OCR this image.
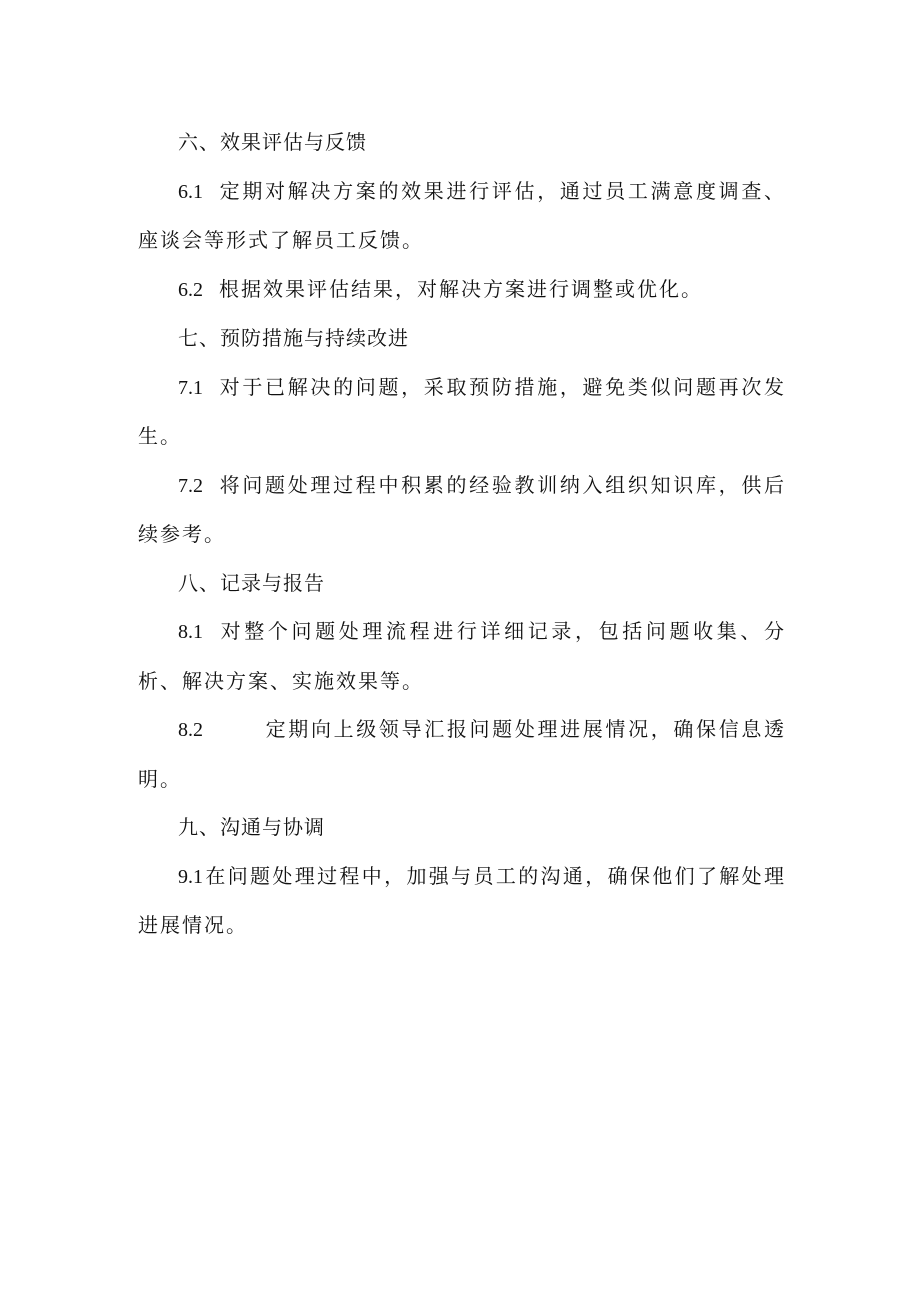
六、效果评估与反馈

6.1 定期对解决方案的效果进行评估，通过员工满意度调查、座谈会等形式了解员工反馈。

6.2 根据效果评估结果，对解决方案进行调整或优化。

七、预防措施与持续改进

7.1 对于已解决的问题，采取预防措施，避免类似问题再次发生。

7.2 将问题处理过程中积累的经验教训纳入组织知识库，供后续参考。

八、记录与报告

8.1 对整个问题处理流程进行详细记录，包括问题收集、分析、解决方案、实施效果等。

8.2	定期向上级领导汇报问题处理进展情况，确保信息透明。

九、沟通与协调

9.1 在问题处理过程中，加强与员工的沟通，确保他们了解处理进展情况。
